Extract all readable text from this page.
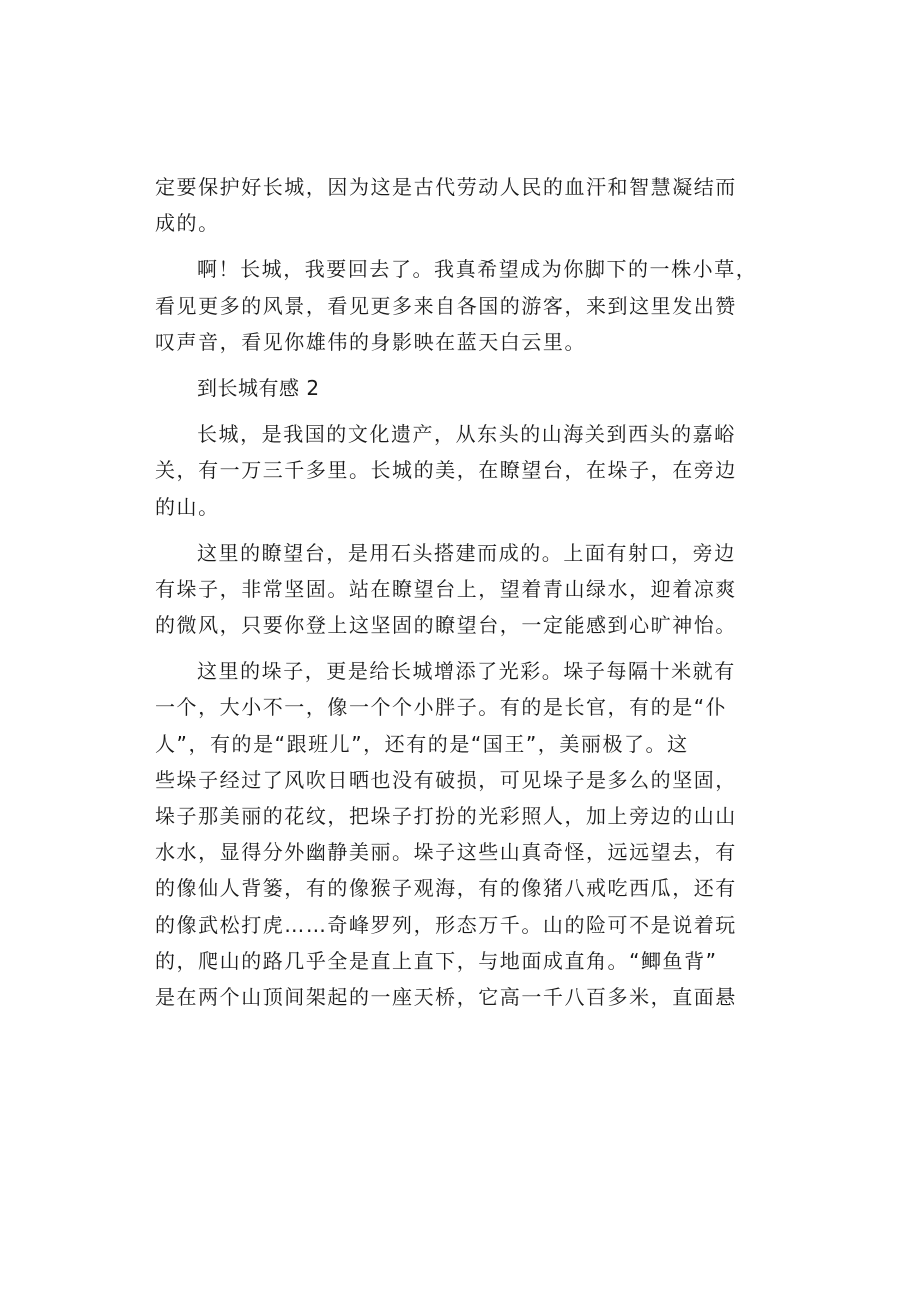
定要保护好长城，因为这是古代劳动人民的血汗和智慧凝结而
成的。
啊！长城，我要回去了。我真希望成为你脚下的一株小草，
看见更多的风景，看见更多来自各国的游客，来到这里发出赞
叹声音，看见你雄伟的身影映在蓝天白云里。
到长城有感 2
长城，是我国的文化遗产，从东头的山海关到西头的嘉峪
关，有一万三千多里。长城的美，在瞭望台，在垛子，在旁边
的山。
这里的瞭望台，是用石头搭建而成的。上面有射口，旁边
有垛子，非常坚固。站在瞭望台上，望着青山绿水，迎着凉爽
的微风，只要你登上这坚固的瞭望台，一定能感到心旷神怡。
这里的垛子，更是给长城增添了光彩。垛子每隔十米就有
一个，大小不一，像一个个小胖子。有的是长官，有的是“仆
人”，有的是“跟班儿”，还有的是“国王”，美丽极了。这
些垛子经过了风吹日晒也没有破损，可见垛子是多么的坚固，
垛子那美丽的花纹，把垛子打扮的光彩照人，加上旁边的山山
水水，显得分外幽静美丽。垛子这些山真奇怪，远远望去，有
的像仙人背篓，有的像猴子观海，有的像猪八戒吃西瓜，还有
的像武松打虎……奇峰罗列，形态万千。山的险可不是说着玩
的，爬山的路几乎全是直上直下，与地面成直角。“鲫鱼背”
是在两个山顶间架起的一座天桥，它高一千八百多米，直面悬
